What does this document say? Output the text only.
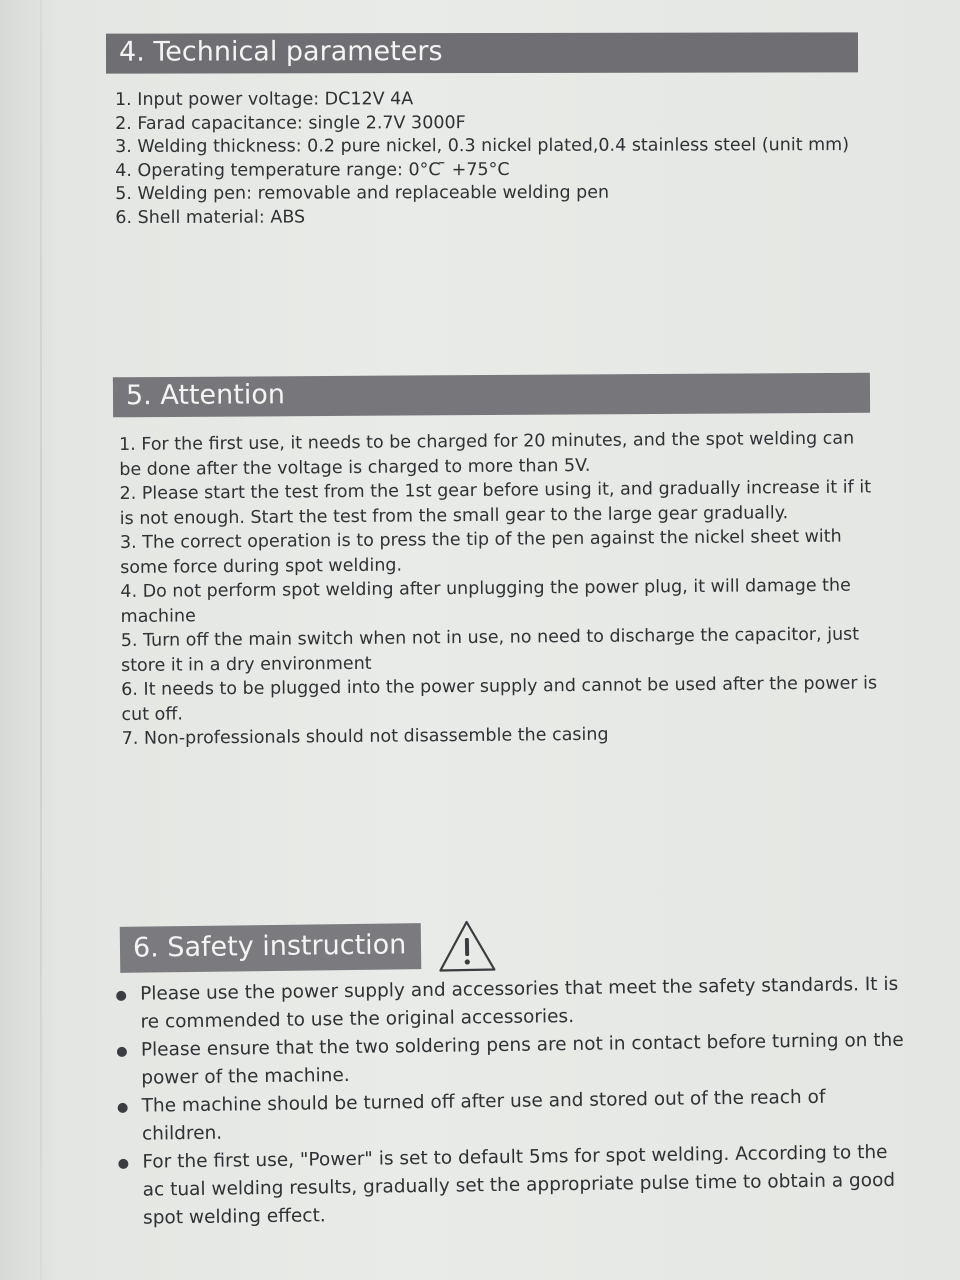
4. Technical parameters

1. Input power voltage: DC12V 4A

2. Farad capacitance: single 2.7V 3000F

3. Welding thickness: 0.2 pure nickel, 0.3 nickel plated,0.4 stainless steel (unit mm)

4. Operating temperature range: 0°C ̄ +75°C

5. Welding pen: removable and replaceable welding pen

6. Shell material: ABS

5. Attention

1. For the first use, it needs to be charged for 20 minutes, and the spot welding can be done after the voltage is charged to more than 5V.

2. Please start the test from the 1st gear before using it, and gradually increase it if it is not enough. Start the test from the small gear to the large gear gradually.

3. The correct operation is to press the tip of the pen against the nickel sheet with some force during spot welding.

4. Do not perform spot welding after unplugging the power plug, it will damage the machine

5. Turn off the main switch when not in use, no need to discharge the capacitor, just store it in a dry environment

6. It needs to be plugged into the power supply and cannot be used after the power is cut off.

7. Non-professionals should not disassemble the casing

6. Safety instruction
Please use the power supply and accessories that meet the safety standards. It is re commended to use the original accessories.
Please ensure that the two soldering pens are not in contact before turning on the power of the machine.
The machine should be turned off after use and stored out of the reach of children.
For the first use, "Power" is set to default 5ms for spot welding. According to the ac tual welding results, gradually set the appropriate pulse time to obtain a good spot welding effect.
